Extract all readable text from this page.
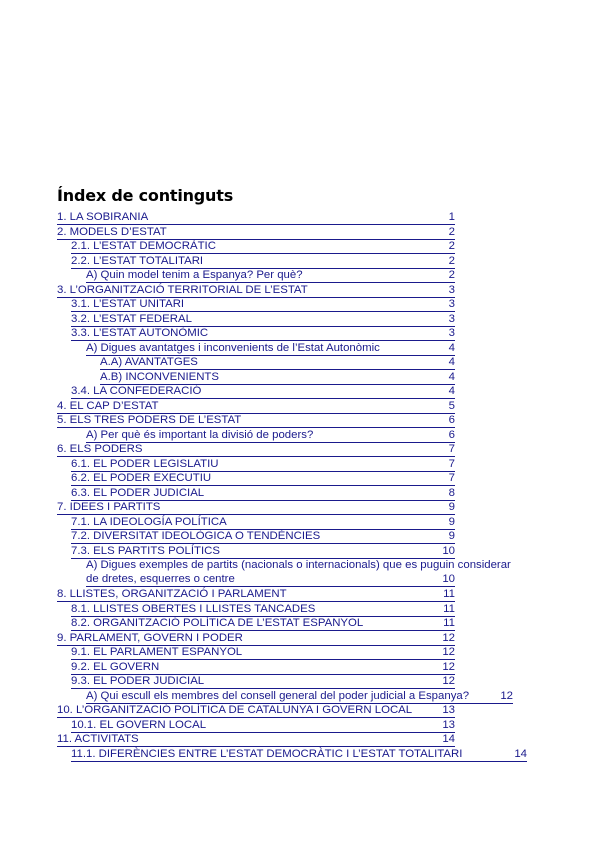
Índex de continguts
1. LA SOBIRANIA	1
2. MODELS D’ESTAT	2
2.1. L’ESTAT DEMOCRÀTIC	2
2.2. L’ESTAT TOTALITARI	2
A) Quin model tenim a Espanya? Per què?	2
3. L’ORGANITZACIÓ TERRITORIAL DE L’ESTAT	3
3.1. L’ESTAT UNITARI	3
3.2. L’ESTAT FEDERAL	3
3.3. L’ESTAT AUTONÒMIC	3
A) Digues avantatges i inconvenients de l’Estat Autonòmic	4
A.A) AVANTATGES	4
A.B) INCONVENIENTS	4
3.4. LA CONFEDERACIÓ	4
4. EL CAP D’ESTAT	5
5. ELS TRES PODERS DE L’ESTAT	6
A) Per què és important la divisió de poders?	6
6. ELS PODERS	7
6.1. EL PODER LEGISLATIU	7
6.2. EL PODER EXECUTIU	7
6.3. EL PODER JUDICIAL	8
7. IDEES I PARTITS	9
7.1. LA IDEOLOGÍA POLÍTICA	9
7.2. DIVERSITAT IDEOLÒGICA O TENDÈNCIES	9
7.3. ELS PARTITS POLÍTICS	10
A) Digues exemples de partits (nacionals o internacionals) que es puguin considerar
de dretes, esquerres o centre	10
8. LLISTES, ORGANITZACIÓ I PARLAMENT	11
8.1. LLISTES OBERTES I LLISTES TANCADES	11
8.2. ORGANITZACIÓ POLÍTICA DE L’ESTAT ESPANYOL	11
9. PARLAMENT, GOVERN I PODER	12
9.1. EL PARLAMENT ESPANYOL	12
9.2. EL GOVERN	12
9.3. EL PODER JUDICIAL	12
A) Qui escull els membres del consell general del poder judicial a Espanya?	12
10. L’ORGANITZACIÓ POLÍTICA DE CATALUNYA I GOVERN LOCAL	13
10.1. EL GOVERN LOCAL	13
11. ACTIVITATS	14
11.1. DIFERÈNCIES ENTRE L’ESTAT DEMOCRÀTIC I L’ESTAT TOTALITARI	14
